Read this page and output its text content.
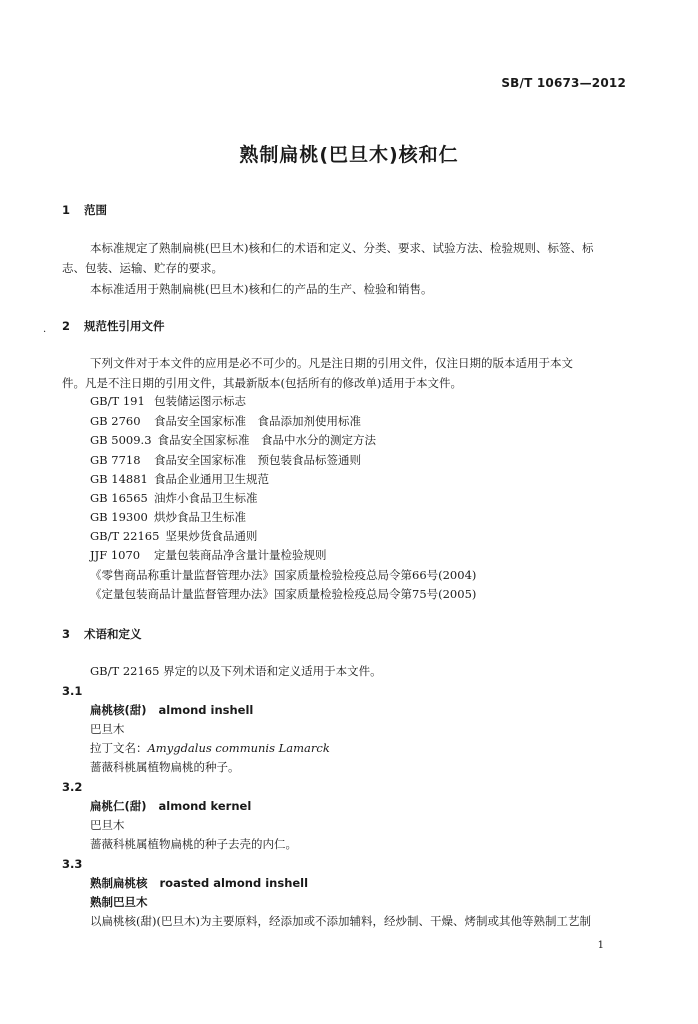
SB/T 10673—2012
熟制扁桃(巴旦木)核和仁
1 范围
本标准规定了熟制扁桃(巴旦木)核和仁的术语和定义、分类、要求、试验方法、检验规则、标签、标
志、包装、运输、贮存的要求。
本标准适用于熟制扁桃(巴旦木)核和仁的产品的生产、检验和销售。
. 2 规范性引用文件
下列文件对于本文件的应用是必不可少的。凡是注日期的引用文件，仅注日期的版本适用于本文
件。凡是不注日期的引用文件，其最新版本(包括所有的修改单)适用于本文件。
GB/T 191 包装储运图示标志
GB 2760 食品安全国家标准　食品添加剂使用标准
GB 5009.3 食品安全国家标准　食品中水分的测定方法
GB 7718 食品安全国家标准　预包装食品标签通则
GB 14881 食品企业通用卫生规范
GB 16565 油炸小食品卫生标准
GB 19300 烘炒食品卫生标准
GB/T 22165 坚果炒货食品通则
JJF 1070 定量包装商品净含量计量检验规则
《零售商品称重计量监督管理办法》国家质量检验检疫总局令第66号(2004)
《定量包装商品计量监督管理办法》国家质量检验检疫总局令第75号(2005)
3 术语和定义
GB/T 22165 界定的以及下列术语和定义适用于本文件。
3.1
扁桃核(甜) almond inshell
巴旦木
拉丁文名：Amygdalus communis Lamarck
蔷薇科桃属植物扁桃的种子。
3.2
扁桃仁(甜) almond kernel
巴旦木
蔷薇科桃属植物扁桃的种子去壳的内仁。
3.3
熟制扁桃核 roasted almond inshell
熟制巴旦木
以扁桃核(甜)(巴旦木)为主要原料，经添加或不添加辅料，经炒制、干燥、烤制或其他等熟制工艺制
1
